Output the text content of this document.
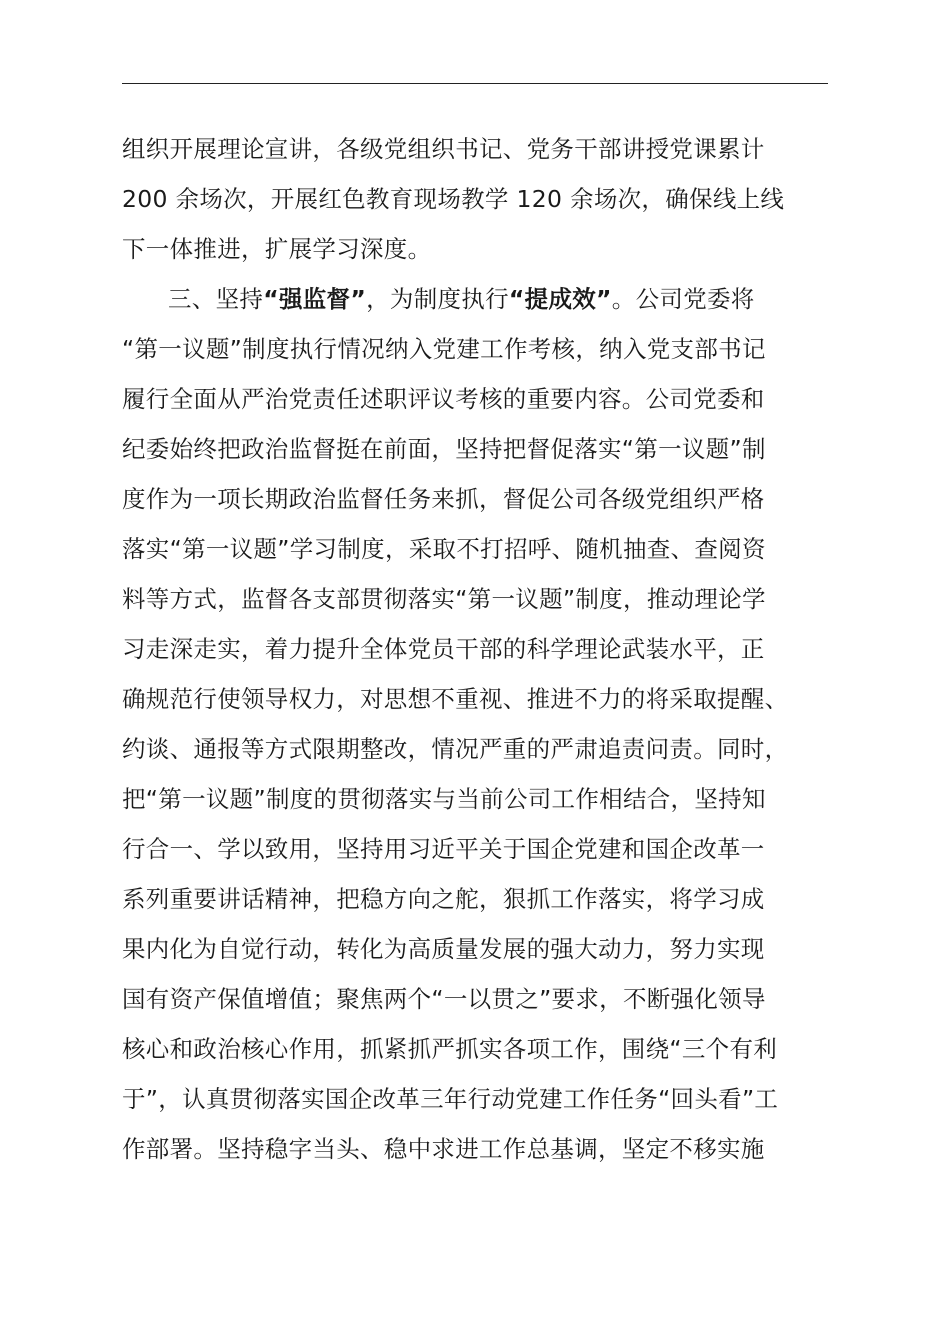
组织开展理论宣讲，各级党组织书记、党务干部讲授党课累计
200 余场次，开展红色教育现场教学 120 余场次，确保线上线
下一体推进，扩展学习深度。
三、坚持“强监督”，为制度执行“提成效”。公司党委将
“第一议题”制度执行情况纳入党建工作考核，纳入党支部书记
履行全面从严治党责任述职评议考核的重要内容。公司党委和
纪委始终把政治监督挺在前面，坚持把督促落实“第一议题”制
度作为一项长期政治监督任务来抓，督促公司各级党组织严格
落实“第一议题”学习制度，采取不打招呼、随机抽查、查阅资
料等方式，监督各支部贯彻落实“第一议题”制度，推动理论学
习走深走实，着力提升全体党员干部的科学理论武装水平，正
确规范行使领导权力，对思想不重视、推进不力的将采取提醒、
约谈、通报等方式限期整改，情况严重的严肃追责问责。同时，
把“第一议题”制度的贯彻落实与当前公司工作相结合，坚持知
行合一、学以致用，坚持用习近平关于国企党建和国企改革一
系列重要讲话精神，把稳方向之舵，狠抓工作落实，将学习成
果内化为自觉行动，转化为高质量发展的强大动力，努力实现
国有资产保值增值；聚焦两个“一以贯之”要求，不断强化领导
核心和政治核心作用，抓紧抓严抓实各项工作，围绕“三个有利
于”，认真贯彻落实国企改革三年行动党建工作任务“回头看”工
作部署。坚持稳字当头、稳中求进工作总基调，坚定不移实施
